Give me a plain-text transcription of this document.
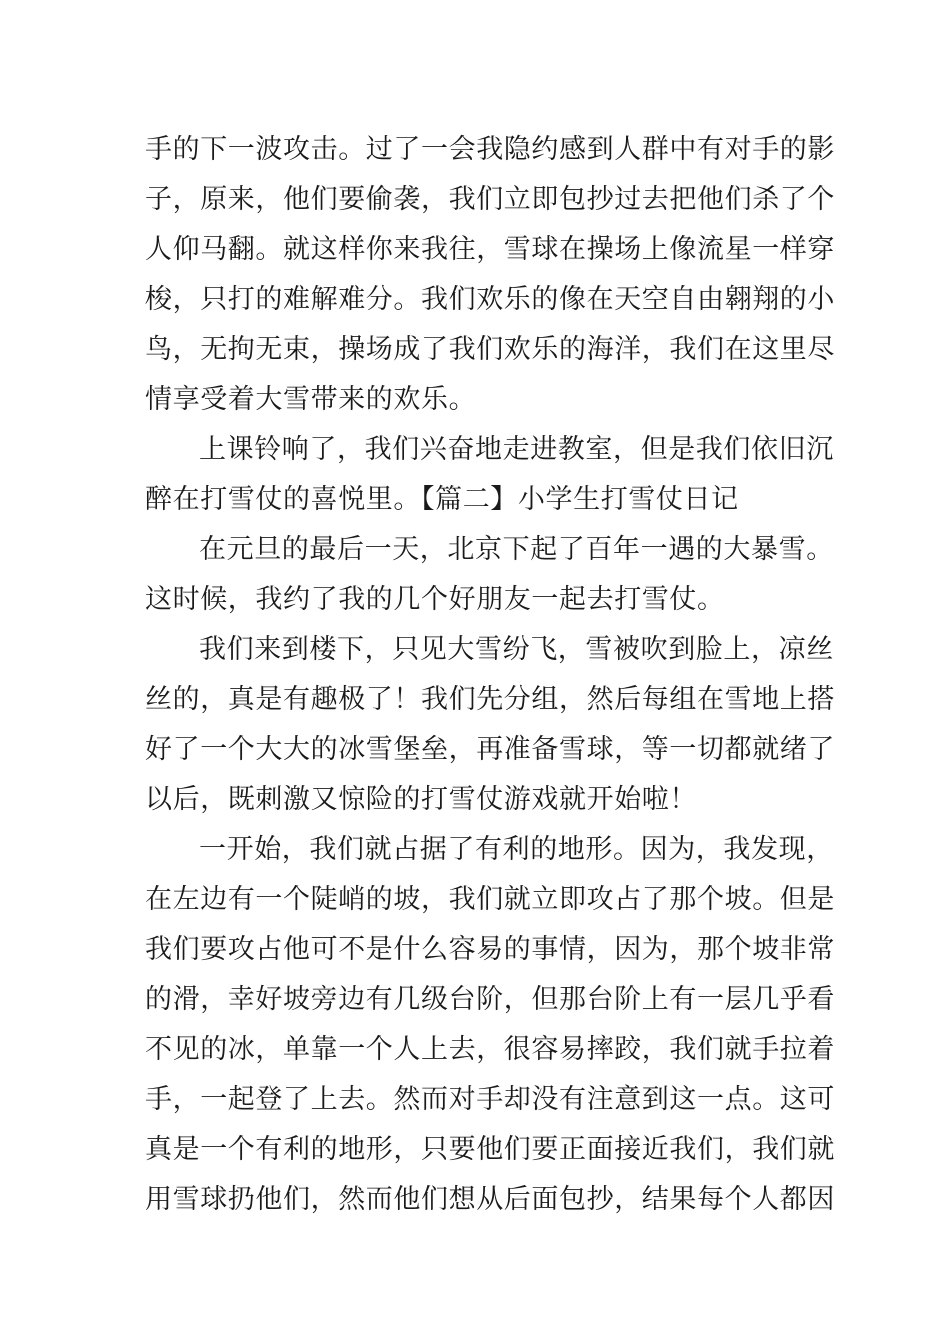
手的下一波攻击。过了一会我隐约感到人群中有对手的影
子，原来，他们要偷袭，我们立即包抄过去把他们杀了个
人仰马翻。就这样你来我往，雪球在操场上像流星一样穿
梭，只打的难解难分。我们欢乐的像在天空自由翱翔的小
鸟，无拘无束，操场成了我们欢乐的海洋，我们在这里尽
情享受着大雪带来的欢乐。
上课铃响了，我们兴奋地走进教室，但是我们依旧沉
醉在打雪仗的喜悦里。【篇二】小学生打雪仗日记
在元旦的最后一天，北京下起了百年一遇的大暴雪。
这时候，我约了我的几个好朋友一起去打雪仗。
我们来到楼下，只见大雪纷飞，雪被吹到脸上，凉丝
丝的，真是有趣极了！我们先分组，然后每组在雪地上搭
好了一个大大的冰雪堡垒，再准备雪球，等一切都就绪了
以后，既刺激又惊险的打雪仗游戏就开始啦！
一开始，我们就占据了有利的地形。因为，我发现，
在左边有一个陡峭的坡，我们就立即攻占了那个坡。但是
我们要攻占他可不是什么容易的事情，因为，那个坡非常
的滑，幸好坡旁边有几级台阶，但那台阶上有一层几乎看
不见的冰，单靠一个人上去，很容易摔跤，我们就手拉着
手，一起登了上去。然而对手却没有注意到这一点。这可
真是一个有利的地形，只要他们要正面接近我们，我们就
用雪球扔他们，然而他们想从后面包抄，结果每个人都因
